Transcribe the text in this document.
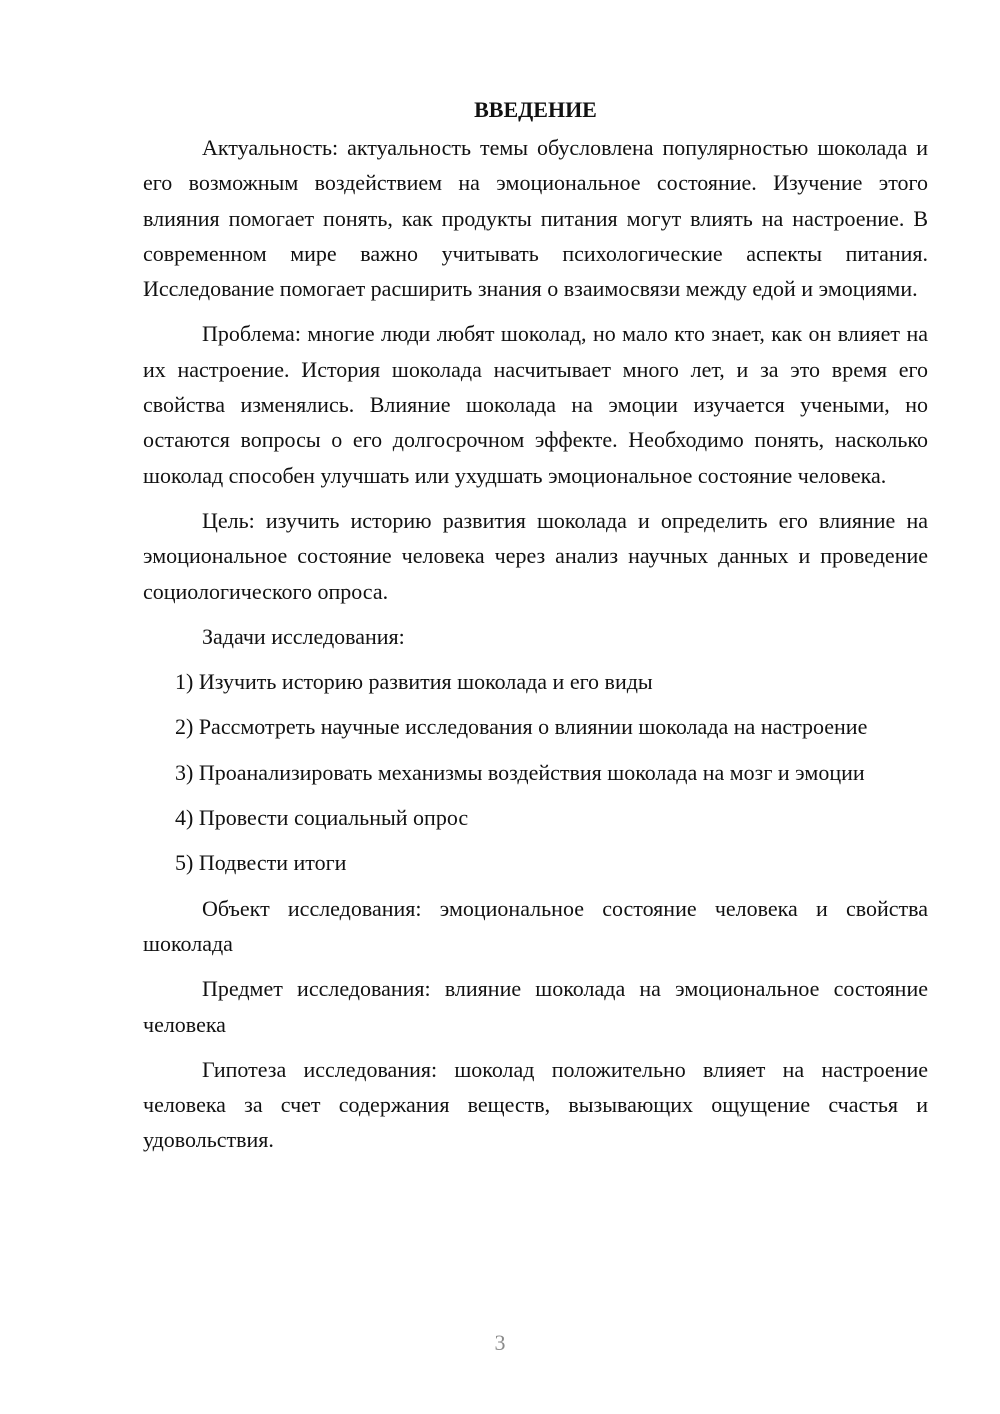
ВВЕДЕНИЕ

Актуальность: актуальность темы обусловлена популярностью шоколада и его возможным воздействием на эмоциональное состояние. Изучение этого влияния помогает понять, как продукты питания могут влиять на настроение. В современном мире важно учитывать психологические аспекты питания. Исследование помогает расширить знания о взаимосвязи между едой и эмоциями.

Проблема: многие люди любят шоколад, но мало кто знает, как он влияет на их настроение. История шоколада насчитывает много лет, и за это время его свойства изменялись. Влияние шоколада на эмоции изучается учеными, но остаются вопросы о его долгосрочном эффекте. Необходимо понять, насколько шоколад способен улучшать или ухудшать эмоциональное состояние человека.

Цель: изучить историю развития шоколада и определить его влияние на эмоциональное состояние человека через анализ научных данных и проведение социологического опроса.

Задачи исследования:

1) Изучить историю развития шоколада и его виды

2) Рассмотреть научные исследования о влиянии шоколада на настроение

3) Проанализировать механизмы воздействия шоколада на мозг и эмоции

4) Провести социальный опрос

5) Подвести итоги

Объект исследования: эмоциональное состояние человека и свойства шоколада

Предмет исследования: влияние шоколада на эмоциональное состояние человека

Гипотеза исследования: шоколад положительно влияет на настроение человека за счет содержания веществ, вызывающих ощущение счастья и удовольствия.

3
